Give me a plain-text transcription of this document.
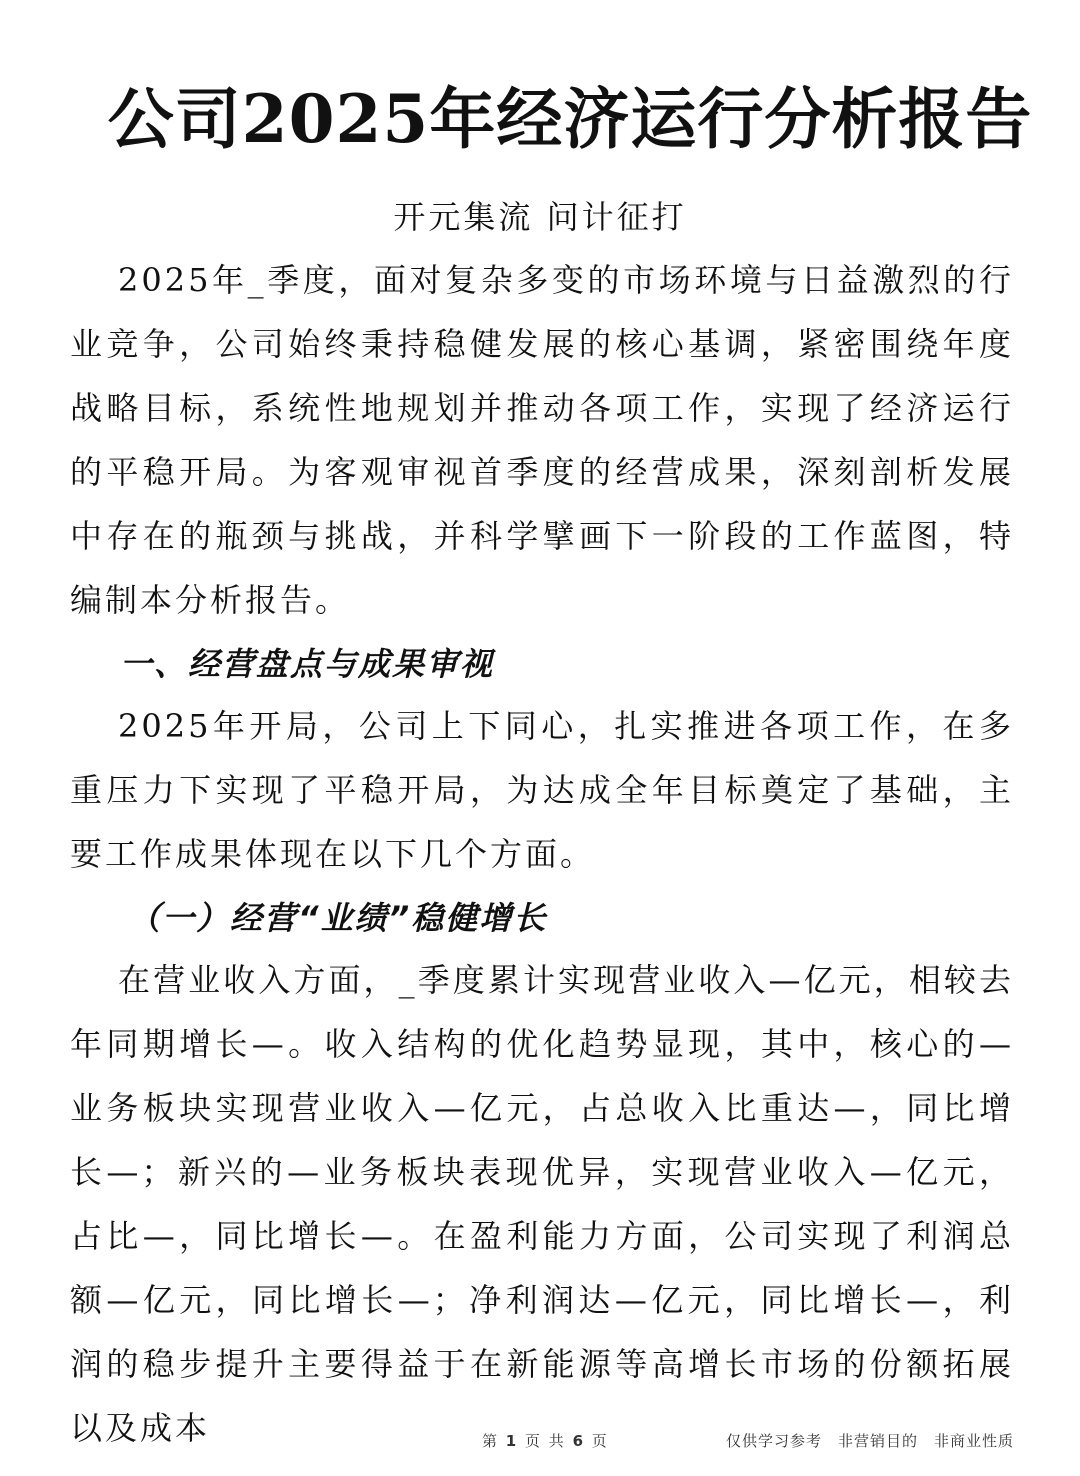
公司2025年经济运行分析报告
开元集流 问计征打

2025年_季度，面对复杂多变的市场环境与日益激烈的行业竞争，公司始终秉持稳健发展的核心基调，紧密围绕年度战略目标，系统性地规划并推动各项工作，实现了经济运行的平稳开局。为客观审视首季度的经营成果，深刻剖析发展中存在的瓶颈与挑战，并科学擘画下一阶段的工作蓝图，特编制本分析报告。

一、经营盘点与成果审视

2025年开局，公司上下同心，扎实推进各项工作，在多重压力下实现了平稳开局，为达成全年目标奠定了基础，主要工作成果体现在以下几个方面。

（一）经营“业绩”稳健增长

在营业收入方面，_季度累计实现营业收入—亿元，相较去年同期增长—。收入结构的优化趋势显现，其中，核心的—业务板块实现营业收入—亿元，占总收入比重达—，同比增长—；新兴的—业务板块表现优异，实现营业收入—亿元，占比—，同比增长—。在盈利能力方面，公司实现了利润总额—亿元，同比增长—；净利润达—亿元，同比增长—，利润的稳步提升主要得益于在新能源等高增长市场的份额拓展以及成本	第 1 页 共 6 页	仅供学习参考　非营销目的　非商业性质
